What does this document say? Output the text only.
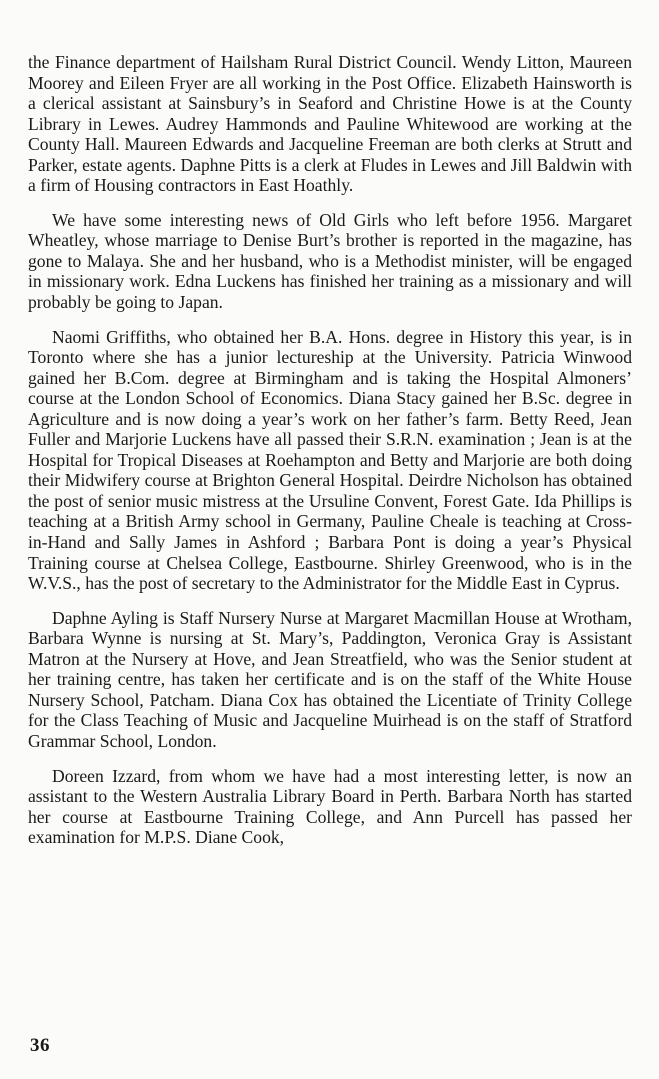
the Finance department of Hailsham Rural District Council. Wendy Litton, Maureen Moorey and Eileen Fryer are all working in the Post Office. Elizabeth Hainsworth is a clerical assistant at Sainsbury’s in Seaford and Christine Howe is at the County Library in Lewes. Audrey Hammonds and Pauline Whitewood are working at the County Hall. Maureen Edwards and Jacqueline Freeman are both clerks at Strutt and Parker, estate agents. Daphne Pitts is a clerk at Fludes in Lewes and Jill Baldwin with a firm of Housing contractors in East Hoathly.

We have some interesting news of Old Girls who left before 1956. Margaret Wheatley, whose marriage to Denise Burt’s brother is reported in the magazine, has gone to Malaya. She and her husband, who is a Methodist minister, will be engaged in missionary work. Edna Luckens has finished her training as a missionary and will probably be going to Japan.

Naomi Griffiths, who obtained her B.A. Hons. degree in History this year, is in Toronto where she has a junior lectureship at the University. Patricia Winwood gained her B.Com. degree at Birmingham and is taking the Hospital Almoners’ course at the London School of Economics. Diana Stacy gained her B.Sc. degree in Agriculture and is now doing a year’s work on her father’s farm. Betty Reed, Jean Fuller and Marjorie Luckens have all passed their S.R.N. examination ; Jean is at the Hospital for Tropical Diseases at Roehampton and Betty and Marjorie are both doing their Midwifery course at Brighton General Hospital. Deirdre Nicholson has obtained the post of senior music mistress at the Ursuline Convent, Forest Gate. Ida Phillips is teaching at a British Army school in Germany, Pauline Cheale is teaching at Cross-in-Hand and Sally James in Ashford ; Barbara Pont is doing a year’s Physical Training course at Chelsea College, Eastbourne. Shirley Greenwood, who is in the W.V.S., has the post of secretary to the Administrator for the Middle East in Cyprus.

Daphne Ayling is Staff Nursery Nurse at Margaret Macmillan House at Wrotham, Barbara Wynne is nursing at St. Mary’s, Paddington, Veronica Gray is Assistant Matron at the Nursery at Hove, and Jean Streatfield, who was the Senior student at her training centre, has taken her certificate and is on the staff of the White House Nursery School, Patcham. Diana Cox has obtained the Licentiate of Trinity College for the Class Teaching of Music and Jacqueline Muirhead is on the staff of Stratford Grammar School, London.

Doreen Izzard, from whom we have had a most interesting letter, is now an assistant to the Western Australia Library Board in Perth. Barbara North has started her course at Eastbourne Training College, and Ann Purcell has passed her examination for M.P.S. Diane Cook,

36
